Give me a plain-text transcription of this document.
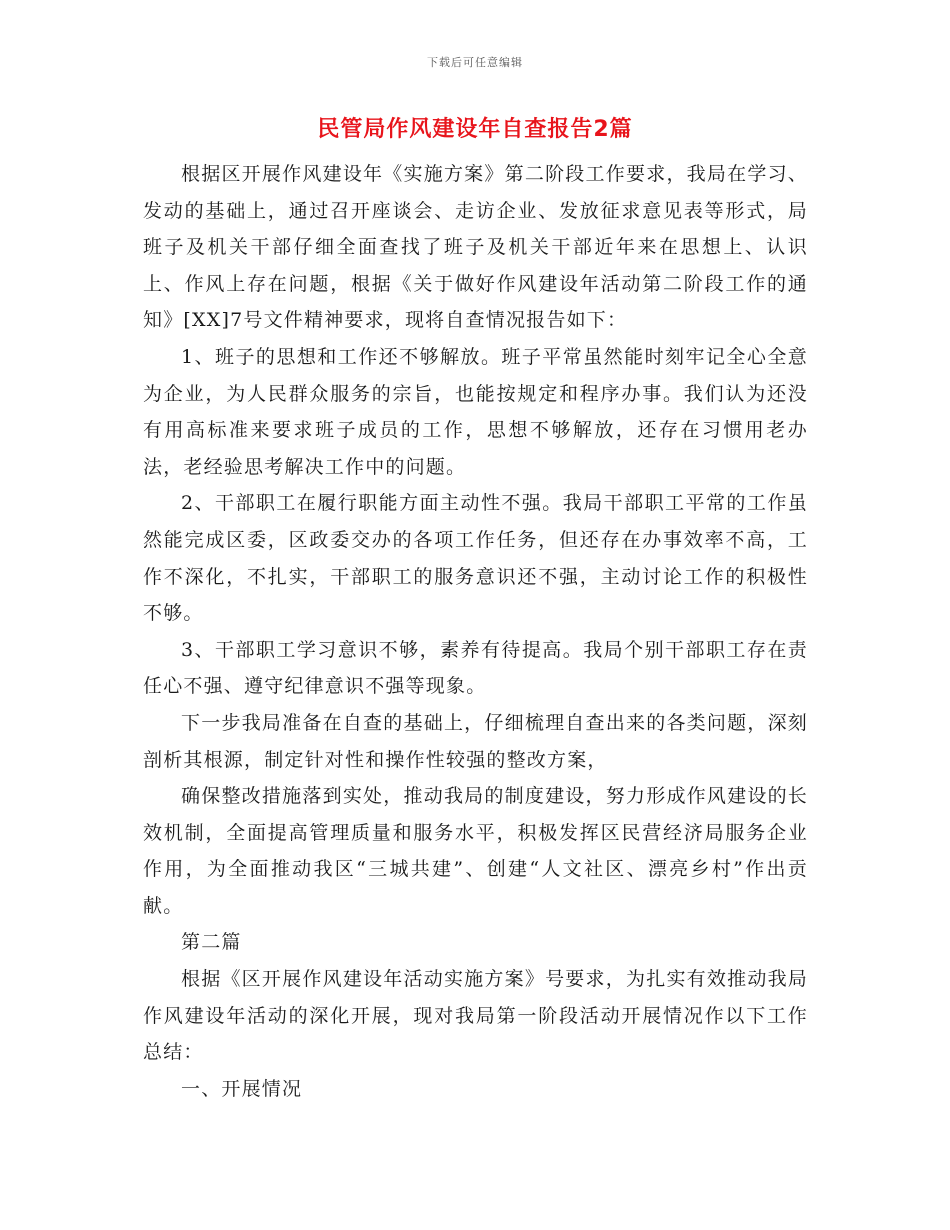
下载后可任意编辑
民管局作风建设年自查报告2篇

根据区开展作风建设年《实施方案》第二阶段工作要求，我局在学习、发动的基础上，通过召开座谈会、走访企业、发放征求意见表等形式，局班子及机关干部仔细全面查找了班子及机关干部近年来在思想上、认识上、作风上存在问题，根据《关于做好作风建设年活动第二阶段工作的通知》[XX]7号文件精神要求，现将自查情况报告如下：

1、班子的思想和工作还不够解放。班子平常虽然能时刻牢记全心全意为企业，为人民群众服务的宗旨，也能按规定和程序办事。我们认为还没有用高标准来要求班子成员的工作，思想不够解放，还存在习惯用老办法，老经验思考解决工作中的问题。

2、干部职工在履行职能方面主动性不强。我局干部职工平常的工作虽然能完成区委，区政委交办的各项工作任务，但还存在办事效率不高，工作不深化，不扎实，干部职工的服务意识还不强，主动讨论工作的积极性不够。

3、干部职工学习意识不够，素养有待提高。我局个别干部职工存在责任心不强、遵守纪律意识不强等现象。

下一步我局准备在自查的基础上，仔细梳理自查出来的各类问题，深刻剖析其根源，制定针对性和操作性较强的整改方案，

确保整改措施落到实处，推动我局的制度建设，努力形成作风建设的长效机制，全面提高管理质量和服务水平，积极发挥区民营经济局服务企业作用，为全面推动我区“三城共建”、创建“人文社区、漂亮乡村”作出贡献。

第二篇

根据《区开展作风建设年活动实施方案》号要求，为扎实有效推动我局作风建设年活动的深化开展，现对我局第一阶段活动开展情况作以下工作总结：

一、开展情况
